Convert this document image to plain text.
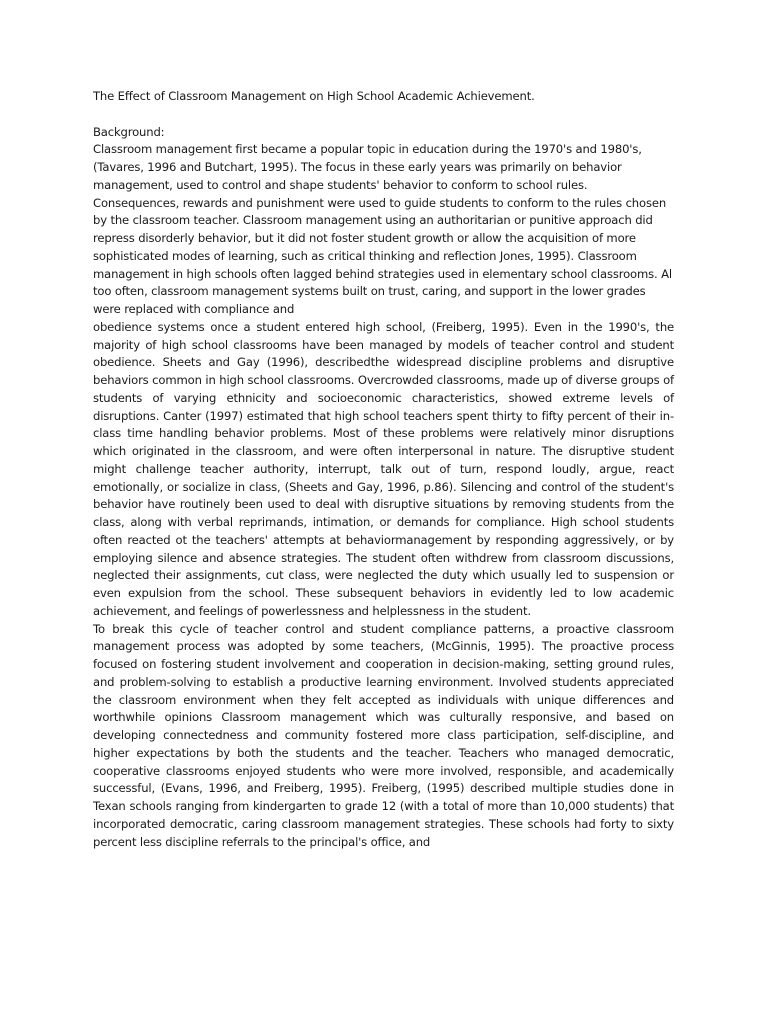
The Effect of Classroom Management on High School Academic Achievement.

Background:

Classroom management first became a popular topic in education during the 1970's and 1980's, (Tavares, 1996 and Butchart, 1995). The focus in these early years was primarily on behavior management, used to control and shape students' behavior to conform to school rules. Consequences, rewards and punishment were used to guide students to conform to the rules chosen by the classroom teacher. Classroom management using an authoritarian or punitive approach did repress disorderly behavior, but it did not foster student growth or allow the acquisition of more sophisticated modes of learning, such as critical thinking and reflection Jones, 1995). Classroom management in high schools often lagged behind strategies used in elementary school classrooms. Al too often, classroom management systems built on trust, caring, and support in the lower grades were replaced with compliance and

obedience systems once a student entered high school, (Freiberg, 1995). Even in the 1990's, the majority of high school classrooms have been managed by models of teacher control and student obedience. Sheets and Gay (1996), describedthe widespread discipline problems and disruptive behaviors common in high school classrooms. Overcrowded classrooms, made up of diverse groups of students of varying ethnicity and socioeconomic characteristics, showed extreme levels of disruptions. Canter (1997) estimated that high school teachers spent thirty to fifty percent of their in-class time handling behavior problems. Most of these problems were relatively minor disruptions which originated in the classroom, and were often interpersonal in nature. The disruptive student might challenge teacher authority, interrupt, talk out of turn, respond loudly, argue, react emotionally, or socialize in class, (Sheets and Gay, 1996, p.86). Silencing and control of the student's behavior have routinely been used to deal with disruptive situations by removing students from the class, along with verbal reprimands, intimation, or demands for compliance. High school students often reacted ot the teachers' attempts at behaviormanagement by responding aggressively, or by employing silence and absence strategies. The student often withdrew from classroom discussions, neglected their assignments, cut class, were neglected the duty which usually led to suspension or even expulsion from the school. These subsequent behaviors in evidently led to low academic achievement, and feelings of powerlessness and helplessness in the student.

To break this cycle of teacher control and student compliance patterns, a proactive classroom management process was adopted by some teachers, (McGinnis, 1995). The proactive process focused on fostering student involvement and cooperation in decision-making, setting ground rules, and problem-solving to establish a productive learning environment. Involved students appreciated the classroom environment when they felt accepted as individuals with unique differences and worthwhile opinions Classroom management which was culturally responsive, and based on developing connectedness and community fostered more class participation, self-discipline, and higher expectations by both the students and the teacher. Teachers who managed democratic, cooperative classrooms enjoyed students who were more involved, responsible, and academically successful, (Evans, 1996, and Freiberg, 1995). Freiberg, (1995) described multiple studies done in Texan schools ranging from kindergarten to grade 12 (with a total of more than 10,000 students) that incorporated democratic, caring classroom management strategies. These schools had forty to sixty percent less discipline referrals to the principal's office, and
